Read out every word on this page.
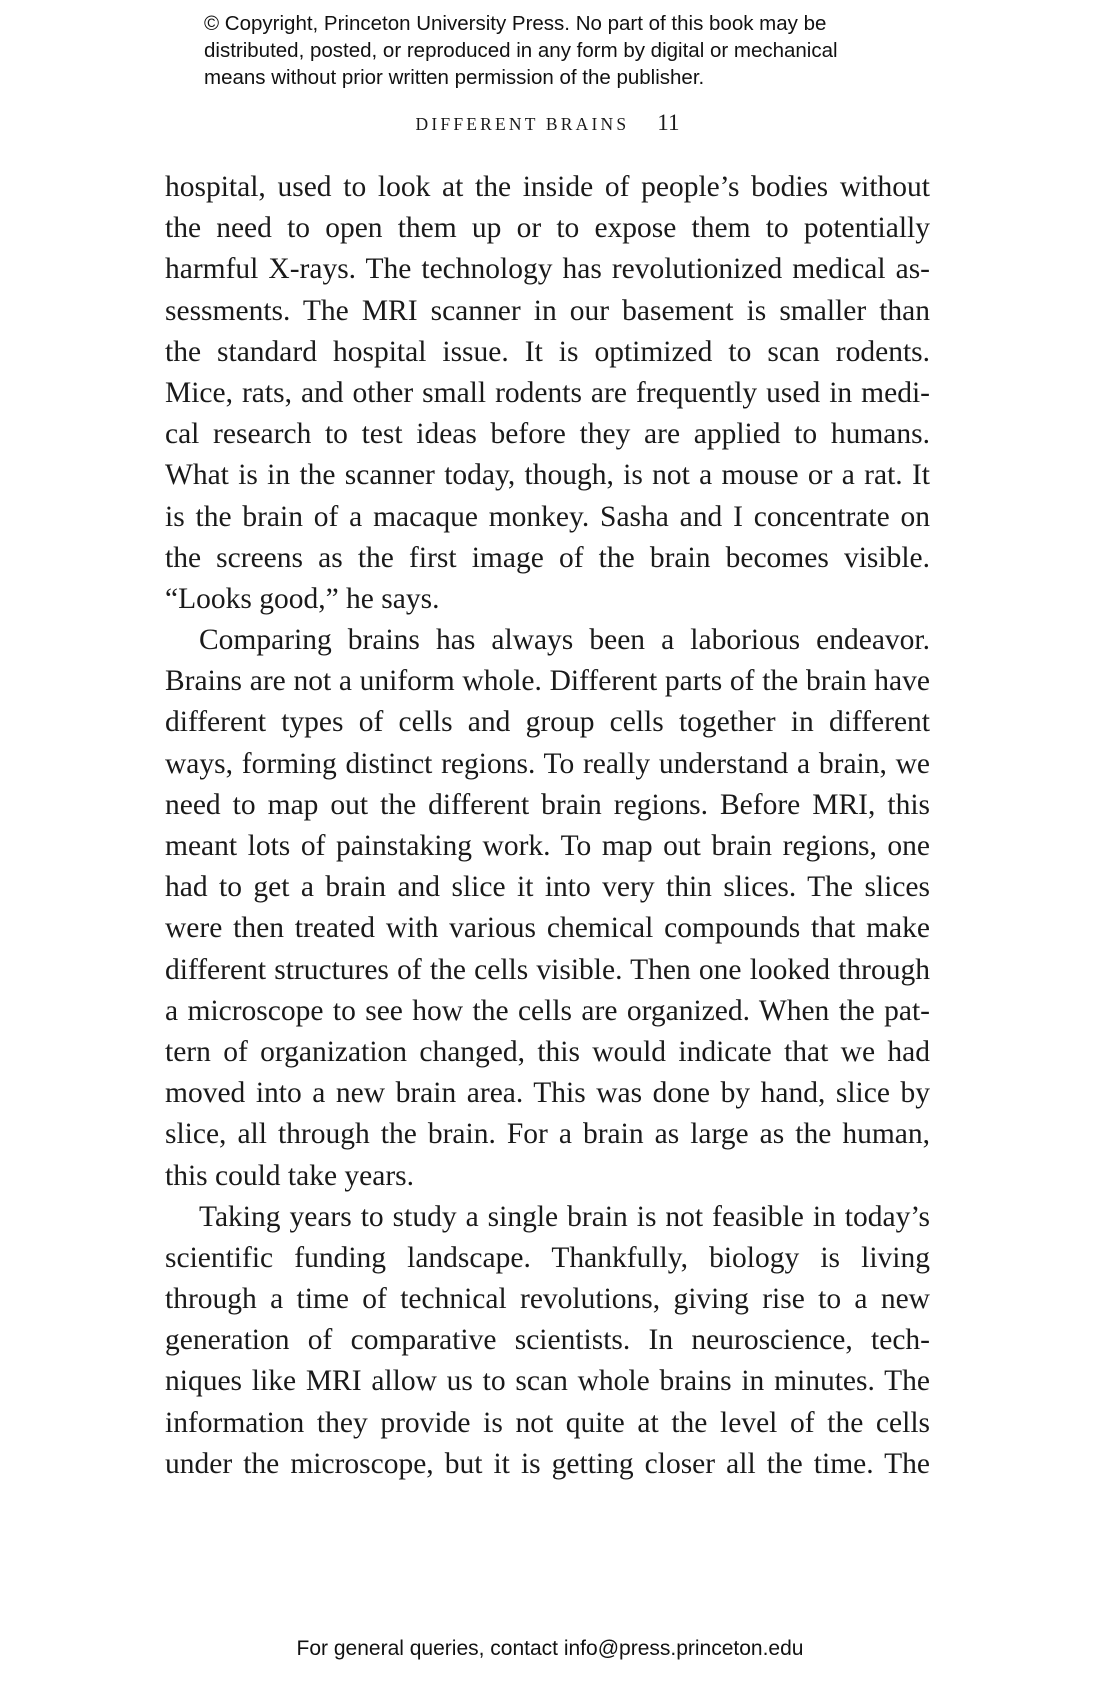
© Copyright, Princeton University Press. No part of this book may be
distributed, posted, or reproduced in any form by digital or mechanical
means without prior written permission of the publisher.
DIFFERENT BRAINS 11
hospital, used to look at the inside of people’s bodies without
the need to open them up or to expose them to potentially
harmful X-rays. The technology has revolutionized medical as-
sessments. The MRI scanner in our basement is smaller than
the standard hospital issue. It is optimized to scan rodents.
Mice, rats, and other small rodents are frequently used in medi-
cal research to test ideas before they are applied to humans.
What is in the scanner today, though, is not a mouse or a rat. It
is the brain of a macaque monkey. Sasha and I concentrate on
the screens as the first image of the brain becomes visible.
“Looks good,” he says.
Comparing brains has always been a laborious endeavor.
Brains are not a uniform whole. Different parts of the brain have
different types of cells and group cells together in different
ways, forming distinct regions. To really understand a brain, we
need to map out the different brain regions. Before MRI, this
meant lots of painstaking work. To map out brain regions, one
had to get a brain and slice it into very thin slices. The slices
were then treated with various chemical compounds that make
different structures of the cells visible. Then one looked through
a microscope to see how the cells are organized. When the pat-
tern of organization changed, this would indicate that we had
moved into a new brain area. This was done by hand, slice by
slice, all through the brain. For a brain as large as the human,
this could take years.
Taking years to study a single brain is not feasible in today’s
scientific funding landscape. Thankfully, biology is living
through a time of technical revolutions, giving rise to a new
generation of comparative scientists. In neuroscience, tech-
niques like MRI allow us to scan whole brains in minutes. The
information they provide is not quite at the level of the cells
under the microscope, but it is getting closer all the time. The
For general queries, contact info@press.princeton.edu
